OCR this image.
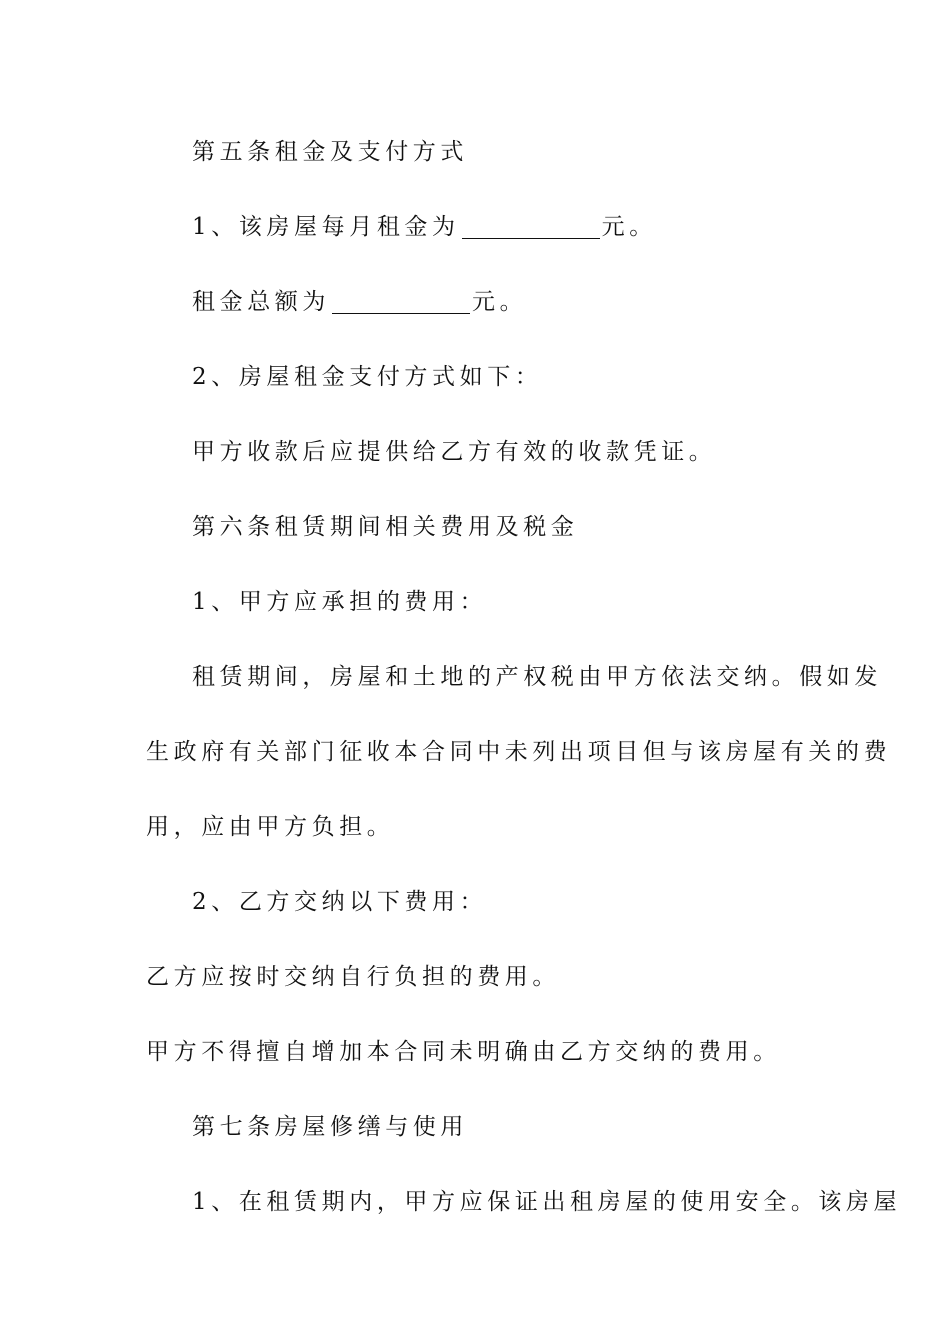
第五条租金及支付方式
1、该房屋每月租金为	元。
租金总额为	元。
2、房屋租金支付方式如下：
甲方收款后应提供给乙方有效的收款凭证。
第六条租赁期间相关费用及税金
1、甲方应承担的费用：
租赁期间，房屋和土地的产权税由甲方依法交纳。假如发
生政府有关部门征收本合同中未列出项目但与该房屋有关的费
用，应由甲方负担。
2、乙方交纳以下费用：
乙方应按时交纳自行负担的费用。
甲方不得擅自增加本合同未明确由乙方交纳的费用。
第七条房屋修缮与使用
1、在租赁期内，甲方应保证出租房屋的使用安全。该房屋
